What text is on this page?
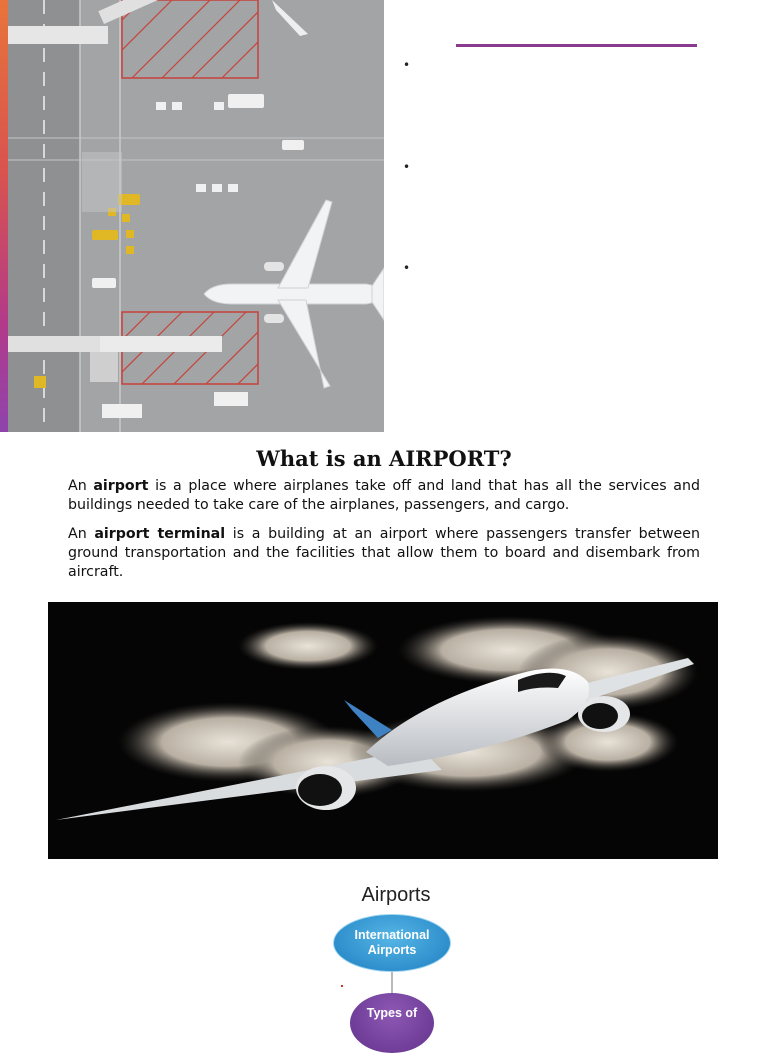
•
•
•
What is an AIRPORT?

An airport is a place where airplanes take off and land that has all the services and buildings needed to take care of the airplanes, passengers, and cargo.

An airport terminal is a building at an airport where passengers transfer between ground transportation and the facilities that allow them to board and disembark from aircraft.

Airports
International Airports
Types of
